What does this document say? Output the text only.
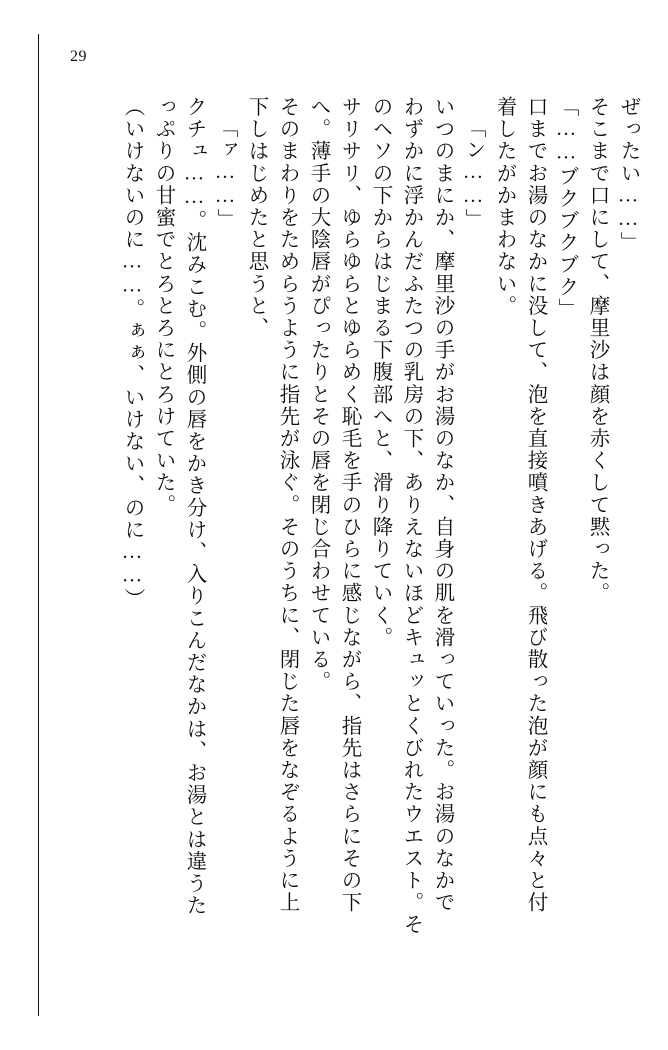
29
ぜったい……」
そこまで口にして、摩里沙は顔を赤くして黙った。
「……ブクブクブク」
口までお湯のなかに没して、泡を直接噴きあげる。飛び散った泡が顔にも点々と付
着したがかまわない。
「ン……」
いつのまにか、摩里沙の手がお湯のなか、自身の肌を滑っていった。お湯のなかで
わずかに浮かんだふたつの乳房の下、ありえないほどキュッとくびれたウエスト。そ
のヘソの下からはじまる下腹部へと、滑り降りていく。
サリサリ、ゆらゆらとゆらめく恥毛を手のひらに感じながら、指先はさらにその下
へ。薄手の大陰唇がぴったりとその唇を閉じ合わせている。
そのまわりをためらうように指先が泳ぐ。そのうちに、閉じた唇をなぞるように上
下しはじめたと思うと、
「ァ……」
クチュ……。沈みこむ。外側の唇をかき分け、入りこんだなかは、お湯とは違うた
っぷりの甘蜜でとろとろにとろけていた。
（いけないのに……。ぁぁ、いけない、のに……）
